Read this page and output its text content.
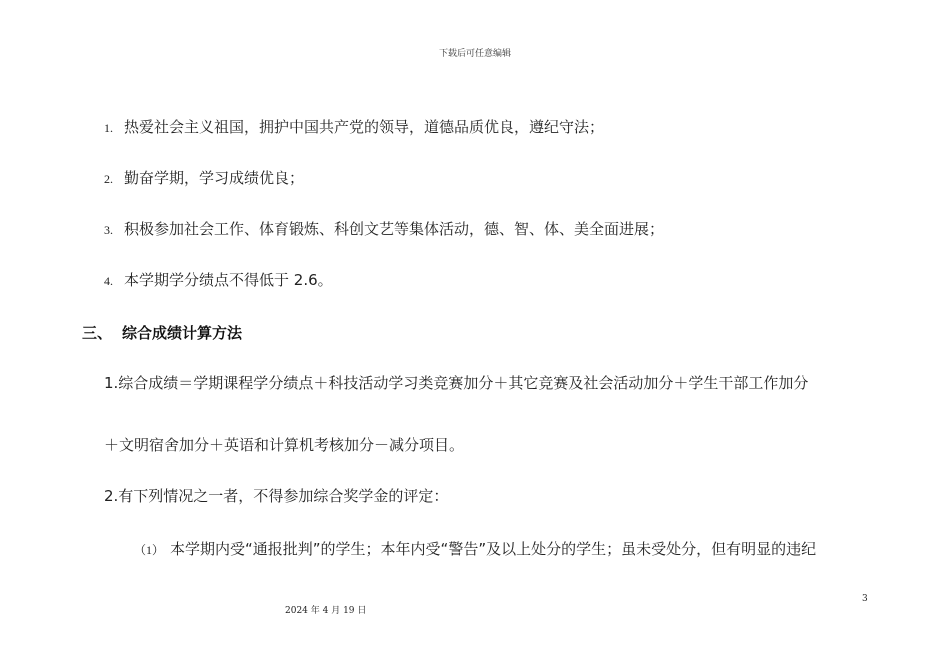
下载后可任意编辑
1. 热爱社会主义祖国，拥护中国共产党的领导，道德品质优良，遵纪守法；
2. 勤奋学期，学习成绩优良；
3. 积极参加社会工作、体育锻炼、科创文艺等集体活动，德、智、体、美全面进展；
4. 本学期学分绩点不得低于 2.6。
三、 综合成绩计算方法
1.综合成绩＝学期课程学分绩点＋科技活动学习类竞赛加分＋其它竞赛及社会活动加分＋学生干部工作加分
＋文明宿舍加分＋英语和计算机考核加分－减分项目。
2.有下列情况之一者，不得参加综合奖学金的评定：
（1） 本学期内受“通报批判”的学生；本年内受“警告”及以上处分的学生；虽未受处分，但有明显的违纪
3
2024 年 4 月 19 日
